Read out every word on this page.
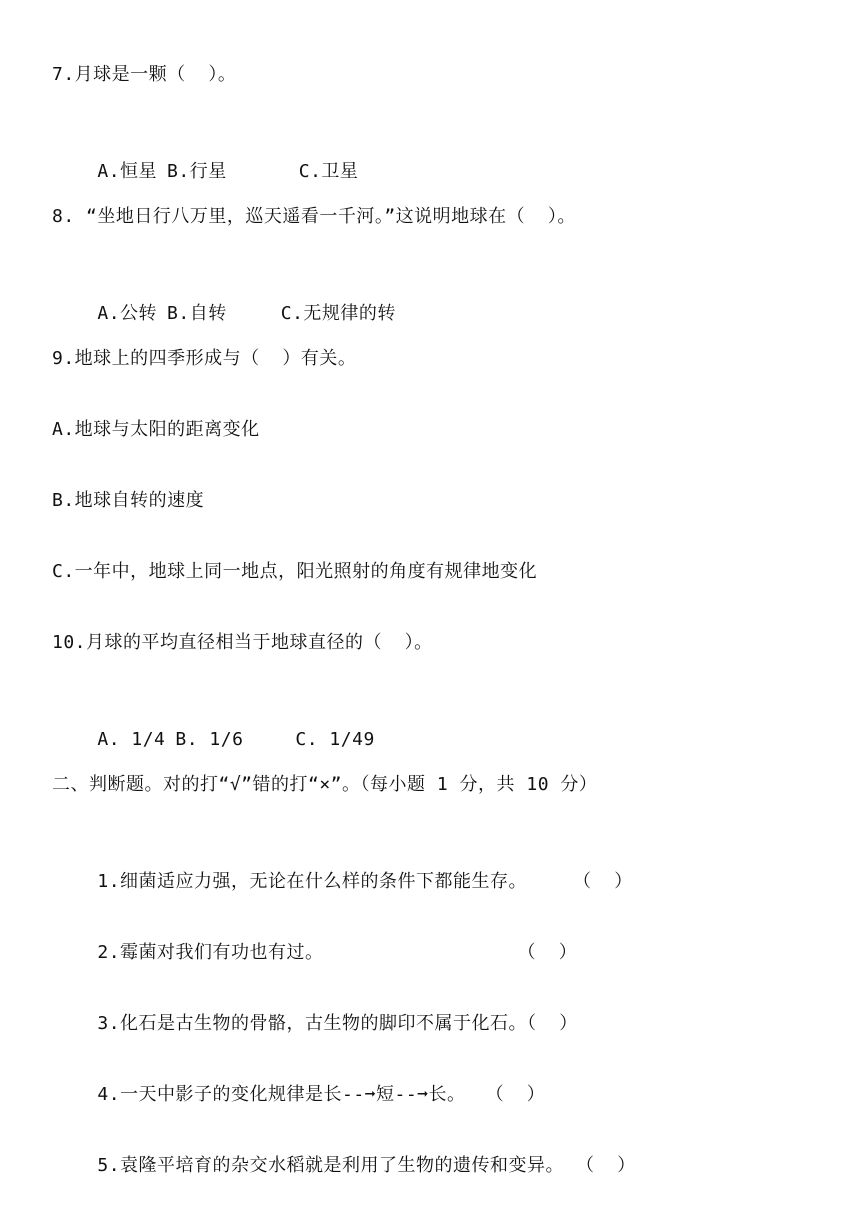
7.月球是一颗（  ）。

A.恒星 B.行星	C.卫星

8. “坐地日行八万里，巡天遥看一千河。”这说明地球在（  ）。

A.公转 B.自转	C.无规律的转

9.地球上的四季形成与（  ）有关。
A.地球与太阳的距离变化
B.地球自转的速度
C.一年中，地球上同一地点，阳光照射的角度有规律地变化
10.月球的平均直径相当于地球直径的（  ）。

A. 1/4 B. 1/6	C. 1/49

二、判断题。对的打“√”错的打“×”。（每小题 1 分，共 10 分）

1.细菌适应力强，无论在什么样的条件下都能生存。	（  ）

2.霉菌对我们有功也有过。	（  ）

3.化石是古生物的骨骼，古生物的脚印不属于化石。（  ）

4.一天中影子的变化规律是长--➞短--➞长。 （  ）

5.袁隆平培育的杂交水稻就是利用了生物的遗传和变异。 （  ）
